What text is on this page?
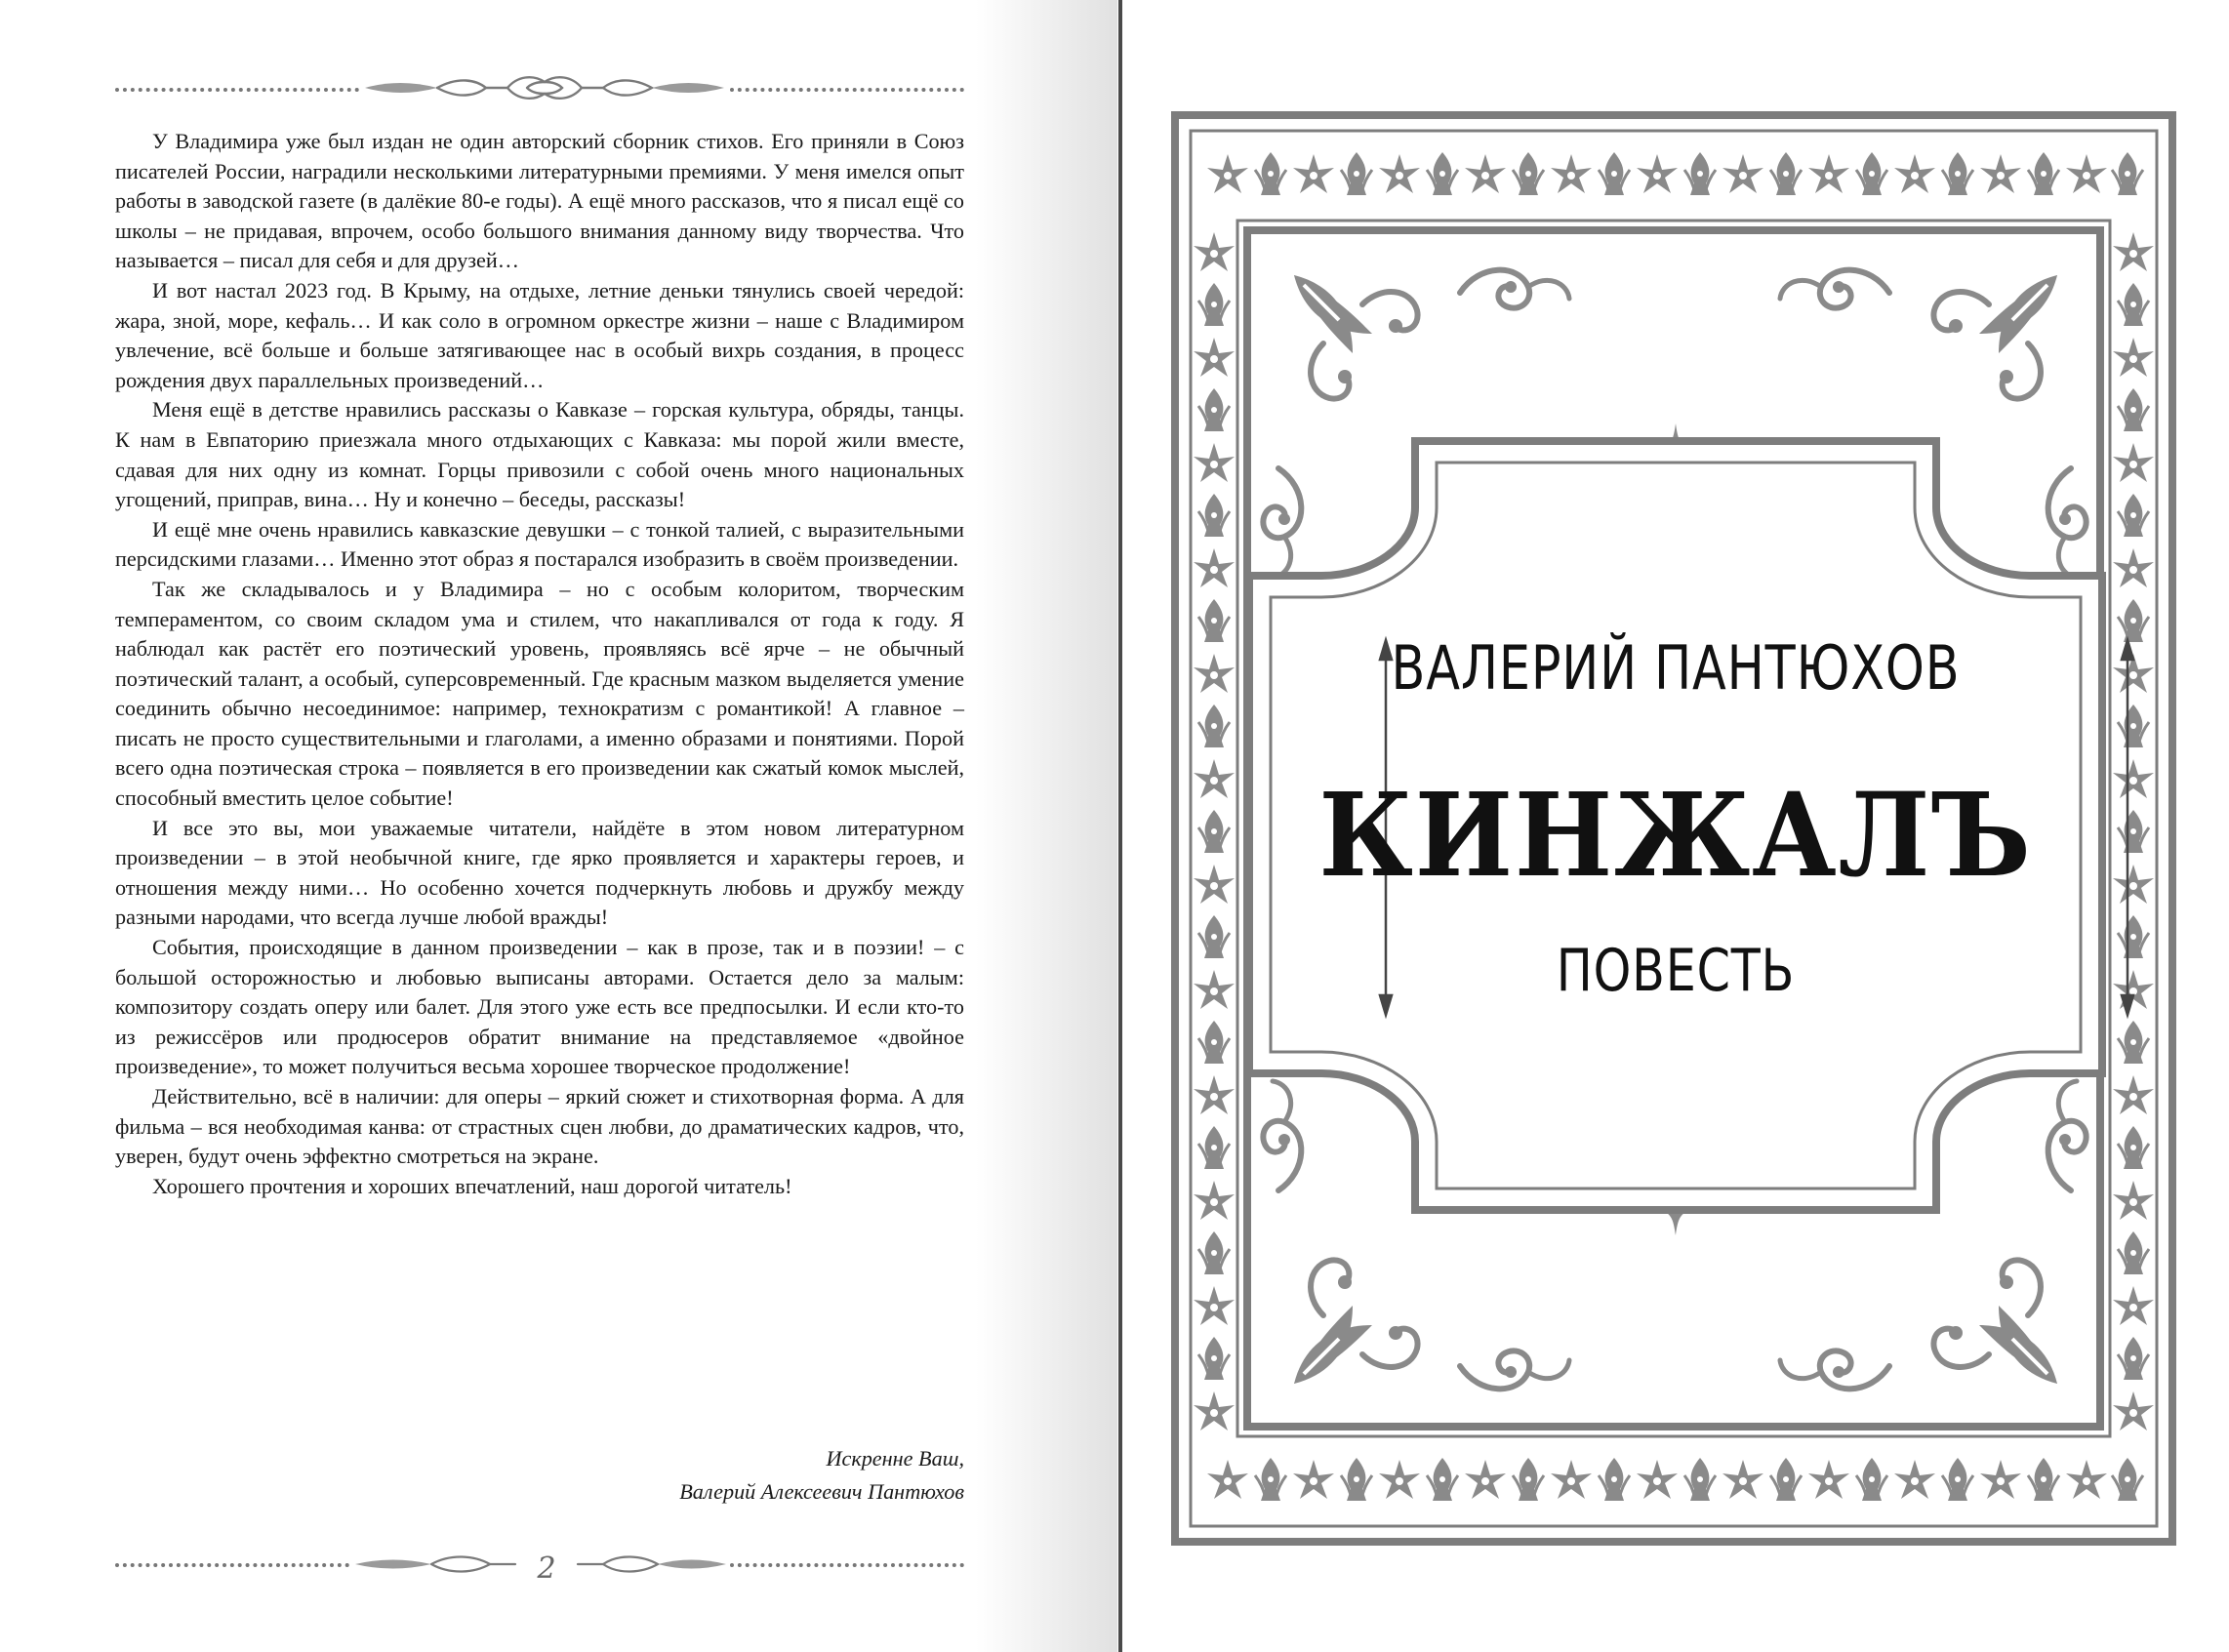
У Владимира уже был издан не один авторский сборник стихов. Его приняли в Союз писателей России, наградили несколькими литературными премиями. У меня имелся опыт работы в заводской газете (в далёкие 80-е годы). А ещё много рассказов, что я писал ещё со школы – не придавая, впрочем, особо большого внимания данному виду творчества. Что называется – писал для себя и для друзей…

И вот настал 2023 год. В Крыму, на отдыхе, летние деньки тянулись своей чередой: жара, зной, море, кефаль… И как соло в огромном оркестре жизни – наше с Владимиром увлечение, всё больше и больше затягивающее нас в особый вихрь создания, в процесс рождения двух параллельных произведений…

Меня ещё в детстве нравились рассказы о Кавказе – горская культура, обряды, танцы. К нам в Евпаторию приезжала много отдыхающих с Кавказа: мы порой жили вместе, сдавая для них одну из комнат. Горцы привозили с собой очень много национальных угощений, приправ, вина… Ну и конечно – беседы, рассказы!

И ещё мне очень нравились кавказские девушки – с тонкой талией, с выразительными персидскими глазами… Именно этот образ я постарался изобразить в своём произведении.

Так же складывалось и у Владимира – но с особым колоритом, творческим темпераментом, со своим складом ума и стилем, что накапливался от года к году. Я наблюдал как растёт его поэтический уровень, проявляясь всё ярче – не обычный поэтический талант, а особый, суперсовременный. Где красным мазком выделяется умение соединить обычно несоединимое: например, технократизм с романтикой! А главное – писать не просто существительными и глаголами, а именно образами и понятиями. Порой всего одна поэтическая строка – появляется в его произведении как сжатый комок мыслей, способный вместить целое событие!

И все это вы, мои уважаемые читатели, найдёте в этом новом литературном произведении – в этой необычной книге, где ярко проявляется и характеры героев, и отношения между ними… Но особенно хочется подчеркнуть любовь и дружбу между разными народами, что всегда лучше любой вражды!

События, происходящие в данном произведении – как в прозе, так и в поэзии! – с большой осторожностью и любовью выписаны авторами. Остается дело за малым: композитору создать оперу или балет. Для этого уже есть все предпосылки. И если кто-то из режиссёров или продюсеров обратит внимание на представляемое «двойное произведение», то может получиться весьма хорошее творческое продолжение!

Действительно, всё в наличии: для оперы – яркий сюжет и стихотворная форма. А для фильма – вся необходимая канва: от страстных сцен любви, до драматических кадров, что, уверен, будут очень эффектно смотреться на экране.

Хорошего прочтения и хороших впечатлений, наш дорогой читатель!

Искренне Ваш,
Валерий Алексеевич Пантюхов
2
ВАЛЕРИЙ ПАНТЮХОВ
КИНЖАЛЪ
ПОВЕСТЬ
